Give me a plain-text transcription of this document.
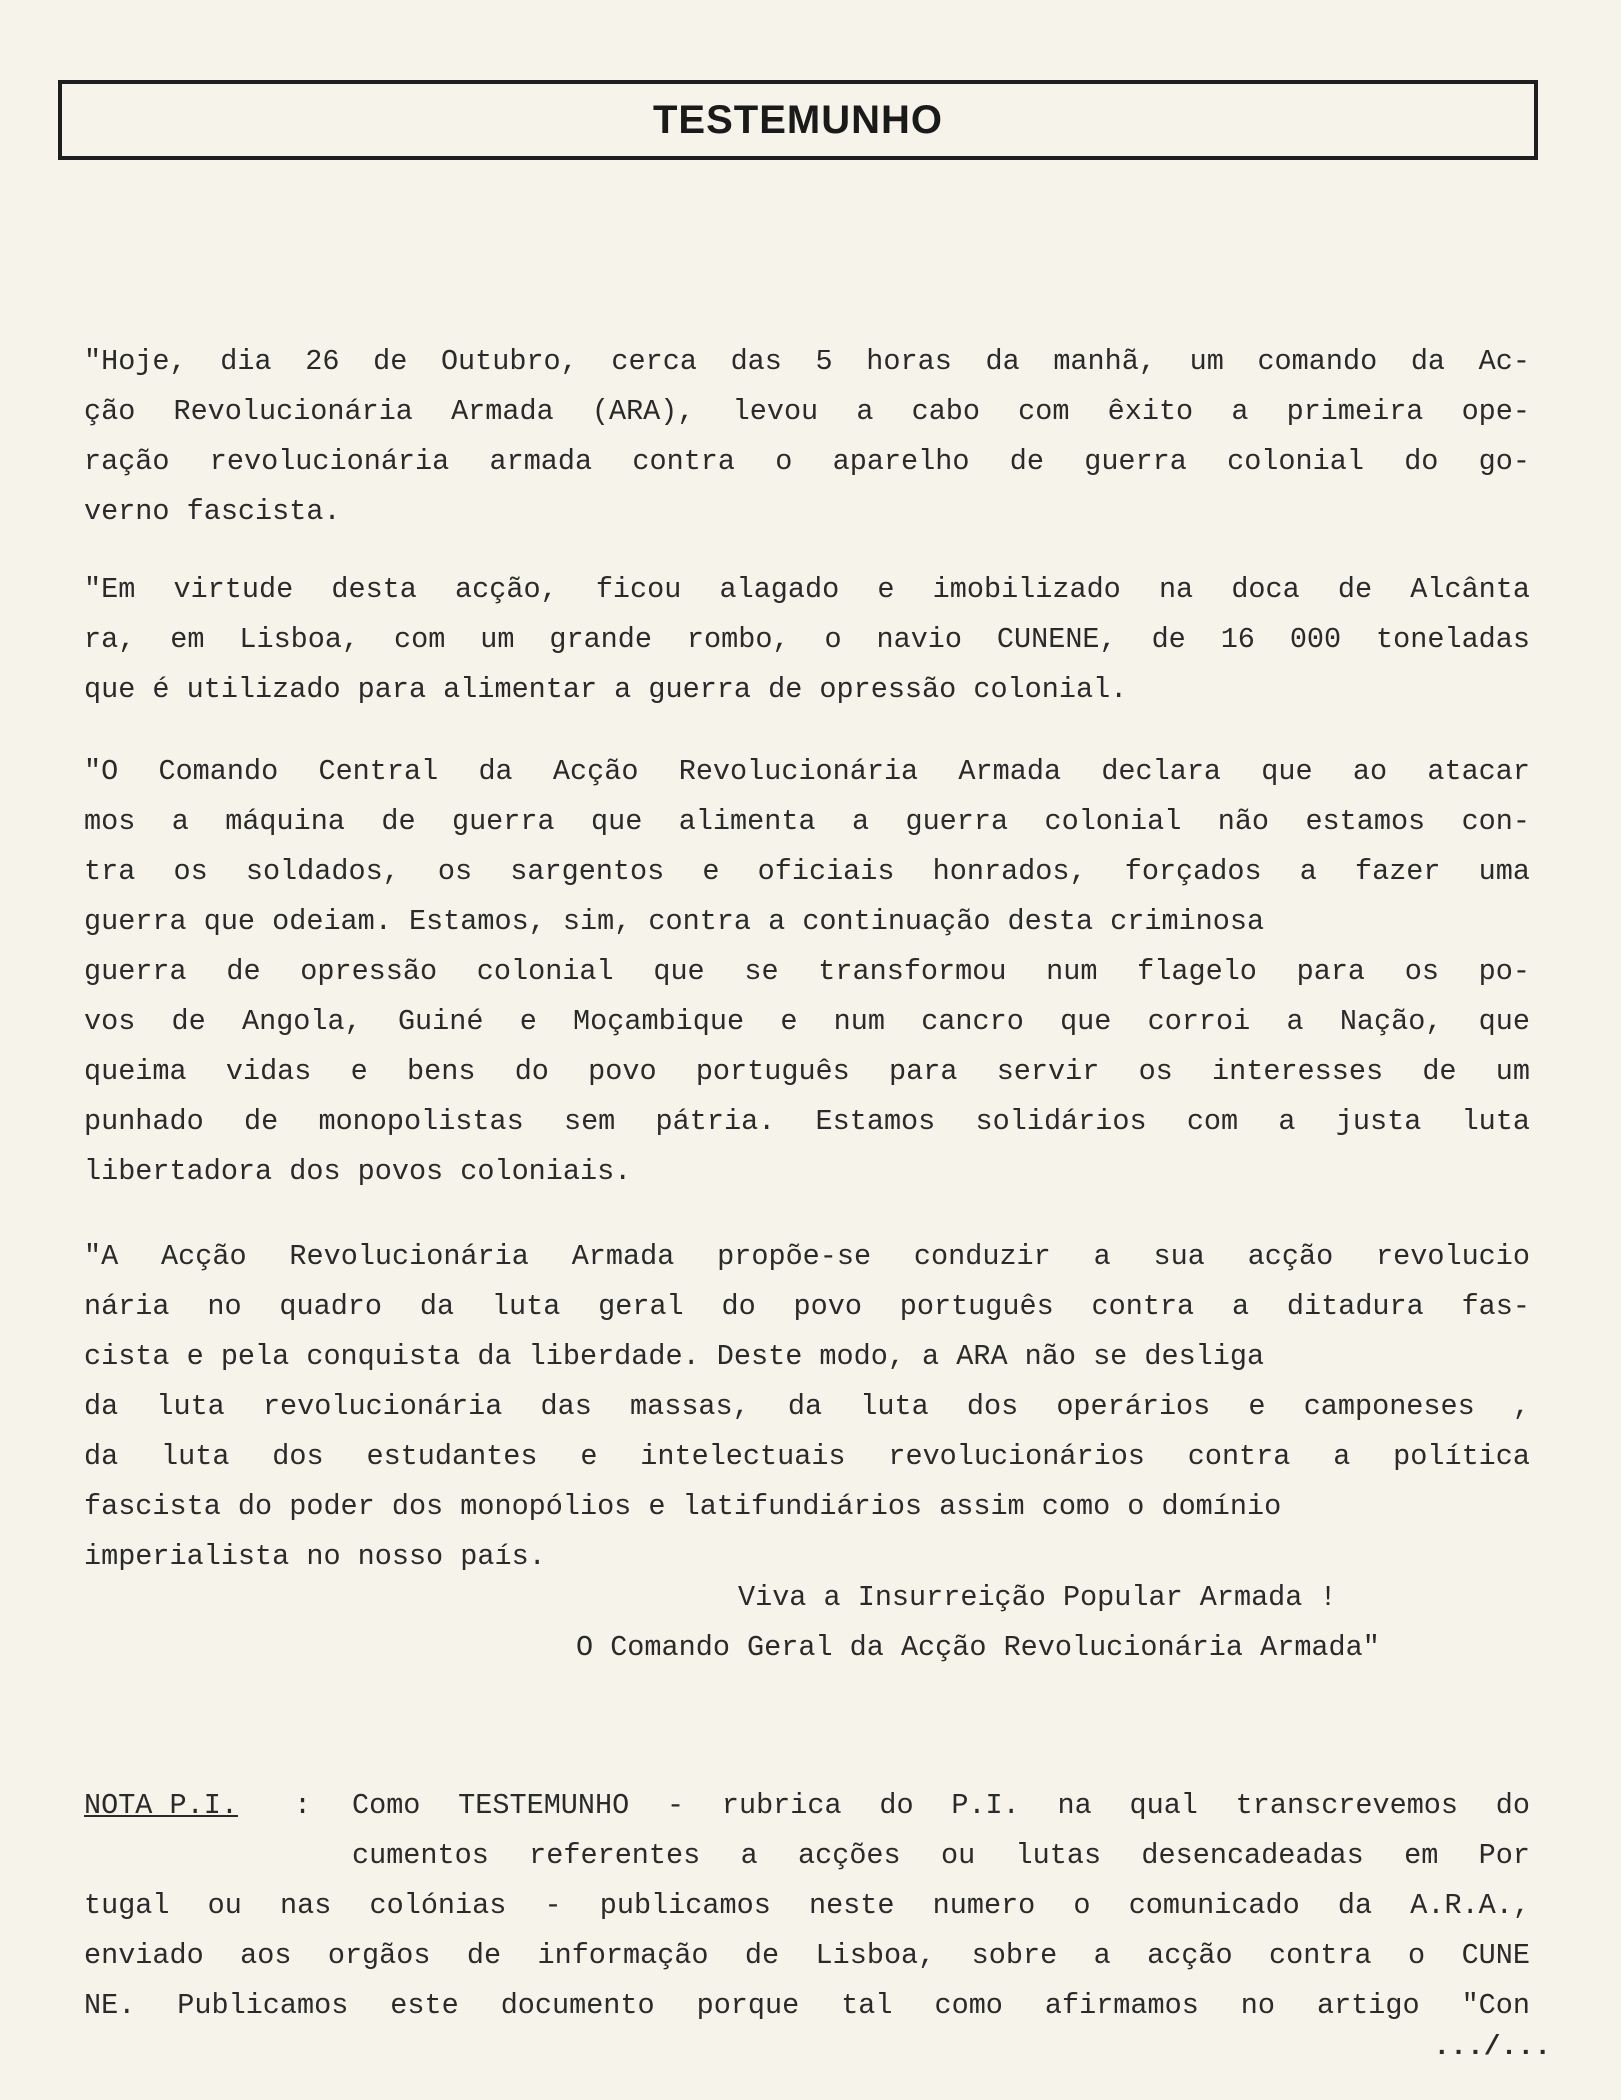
TESTEMUNHO
"Hoje, dia 26 de Outubro, cerca das 5 horas da manhã, um comando da Ac-
ção Revolucionária Armada (ARA), levou a cabo com êxito a primeira ope-
ração revolucionária armada contra o aparelho de guerra colonial do go-
verno fascista.
"Em virtude desta acção, ficou alagado e imobilizado na doca de Alcânta
ra, em Lisboa, com um grande rombo, o navio CUNENE, de 16 000 toneladas
que é utilizado para alimentar a guerra de opressão colonial.
"O Comando Central da Acção Revolucionária Armada declara que ao atacar
mos a máquina de guerra que alimenta a guerra colonial não estamos con-
tra os soldados, os sargentos e oficiais honrados, forçados a fazer uma
guerra que odeiam. Estamos, sim, contra a continuação desta criminosa
guerra de opressão colonial que se transformou num flagelo para os po-
vos de Angola, Guiné e Moçambique e num cancro que corroi a Nação, que
queima vidas e bens do povo português para servir os interesses de um
punhado de monopolistas sem pátria. Estamos solidários com a justa luta
libertadora dos povos coloniais.
"A Acção Revolucionária Armada propõe-se conduzir a sua acção revolucio
nária no quadro da luta geral do povo português contra a ditadura fas-
cista e pela conquista da liberdade. Deste modo, a ARA não se desliga
da luta revolucionária das massas, da luta dos operários e camponeses ,
da luta dos estudantes e intelectuais revolucionários contra a política
fascista do poder dos monopólios e latifundiários assim como o domínio
imperialista no nosso país.
Viva a Insurreição Popular Armada !
O Comando Geral da Acção Revolucionária Armada"
NOTA P.I. : Como TESTEMUNHO - rubrica do P.I. na qual transcrevemos do
cumentos referentes a acções ou lutas desencadeadas em Por
tugal ou nas colónias - publicamos neste numero o comunicado da A.R.A.,
enviado aos orgãos de informação de Lisboa, sobre a acção contra o CUNE
NE. Publicamos este documento porque tal como afirmamos no artigo "Con
.../...
